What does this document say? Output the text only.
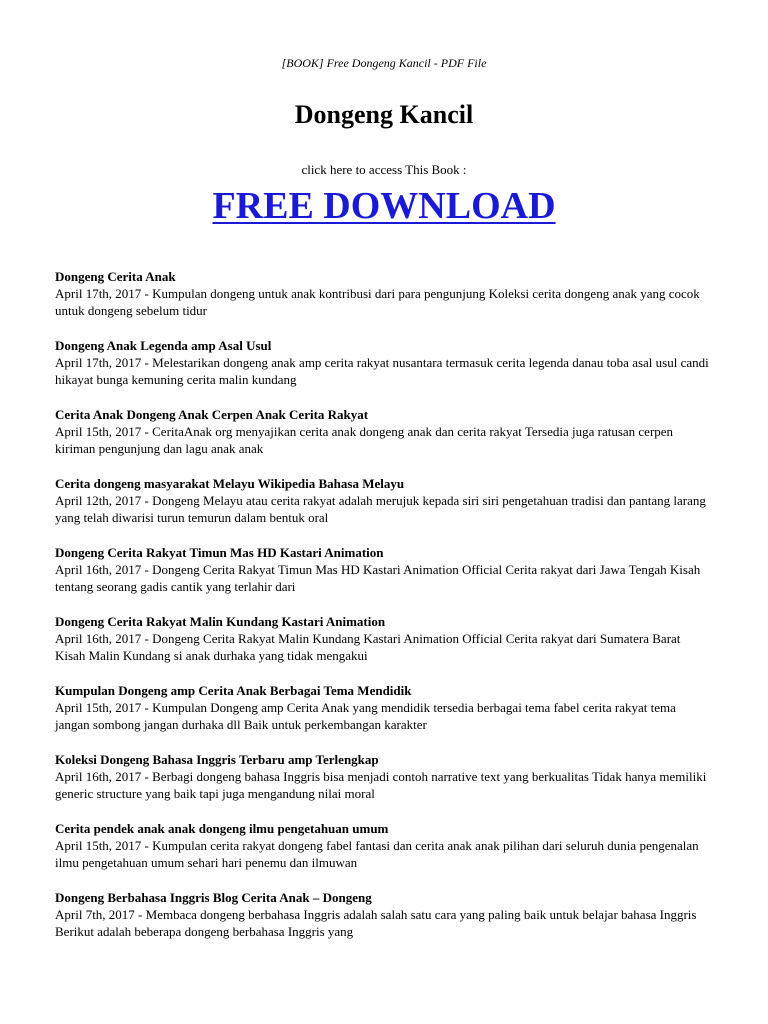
[BOOK] Free Dongeng Kancil - PDF File
Dongeng Kancil
click here to access This Book :
FREE DOWNLOAD
Dongeng Cerita Anak
April 17th, 2017 - Kumpulan dongeng untuk anak kontribusi dari para pengunjung Koleksi cerita dongeng anak yang cocok untuk dongeng sebelum tidur
Dongeng Anak Legenda amp Asal Usul
April 17th, 2017 - Melestarikan dongeng anak amp cerita rakyat nusantara termasuk cerita legenda danau toba asal usul candi hikayat bunga kemuning cerita malin kundang
Cerita Anak Dongeng Anak Cerpen Anak Cerita Rakyat
April 15th, 2017 - CeritaAnak org menyajikan cerita anak dongeng anak dan cerita rakyat Tersedia juga ratusan cerpen kiriman pengunjung dan lagu anak anak
Cerita dongeng masyarakat Melayu Wikipedia Bahasa Melayu
April 12th, 2017 - Dongeng Melayu atau cerita rakyat adalah merujuk kepada siri siri pengetahuan tradisi dan pantang larang yang telah diwarisi turun temurun dalam bentuk oral
Dongeng Cerita Rakyat Timun Mas HD Kastari Animation
April 16th, 2017 - Dongeng Cerita Rakyat Timun Mas HD Kastari Animation Official Cerita rakyat dari Jawa Tengah Kisah tentang seorang gadis cantik yang terlahir dari
Dongeng Cerita Rakyat Malin Kundang Kastari Animation
April 16th, 2017 - Dongeng Cerita Rakyat Malin Kundang Kastari Animation Official Cerita rakyat dari Sumatera Barat Kisah Malin Kundang si anak durhaka yang tidak mengakui
Kumpulan Dongeng amp Cerita Anak Berbagai Tema Mendidik
April 15th, 2017 - Kumpulan Dongeng amp Cerita Anak yang mendidik tersedia berbagai tema fabel cerita rakyat tema jangan sombong jangan durhaka dll Baik untuk perkembangan karakter
Koleksi Dongeng Bahasa Inggris Terbaru amp Terlengkap
April 16th, 2017 - Berbagi dongeng bahasa Inggris bisa menjadi contoh narrative text yang berkualitas Tidak hanya memiliki generic structure yang baik tapi juga mengandung nilai moral
Cerita pendek anak anak dongeng ilmu pengetahuan umum
April 15th, 2017 - Kumpulan cerita rakyat dongeng fabel fantasi dan cerita anak anak pilihan dari seluruh dunia pengenalan ilmu pengetahuan umum sehari hari penemu dan ilmuwan
Dongeng Berbahasa Inggris Blog Cerita Anak – Dongeng
April 7th, 2017 - Membaca dongeng berbahasa Inggris adalah salah satu cara yang paling baik untuk belajar bahasa Inggris Berikut adalah beberapa dongeng berbahasa Inggris yang
